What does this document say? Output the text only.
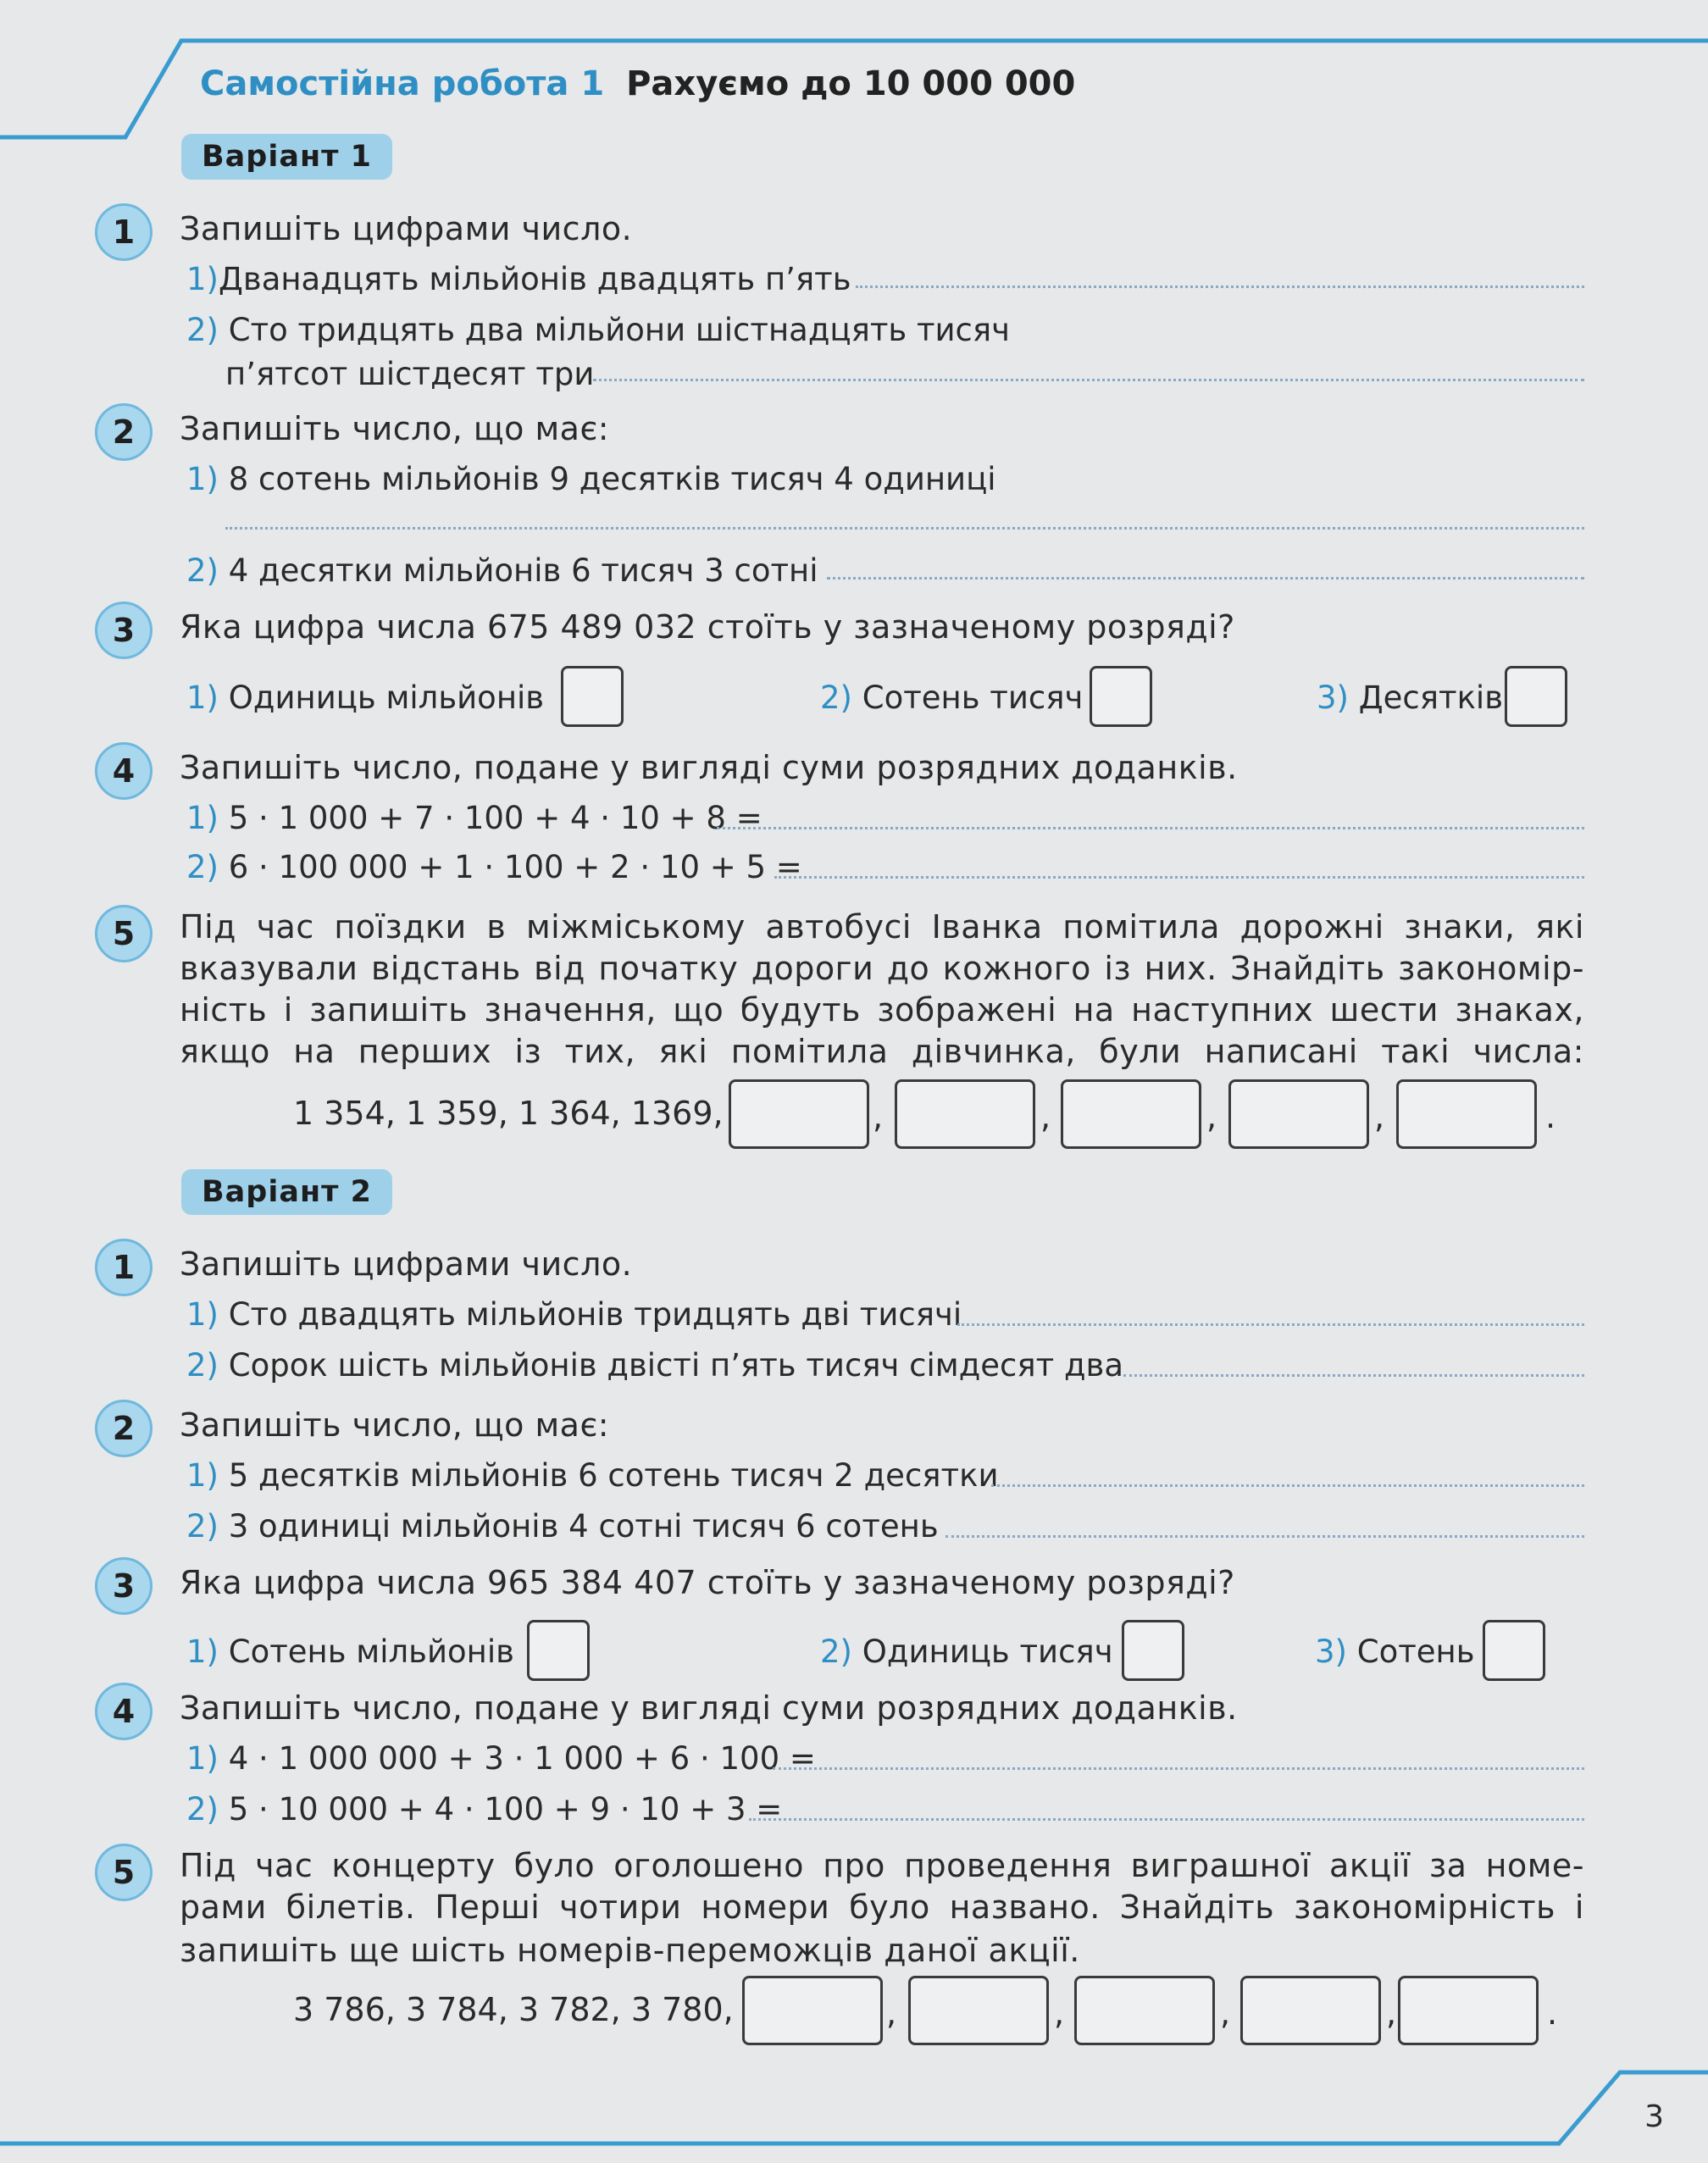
Самостійна робота 1 Рахуємо до 10 000 000
Варіант 1
1	Запишіть цифрами число.
1)Дванадцять мільйонів двадцять п’ять
2) Сто тридцять два мільйони шістнадцять тисяч
п’ятсот шістдесят три
2	Запишіть число, що має:
1) 8 сотень мільйонів 9 десятків тисяч 4 одиниці
2) 4 десятки мільйонів 6 тисяч 3 сотні
3	Яка цифра числа 675 489 032 стоїть у зазначеному розряді?
1) Одиниць мільйонів	2) Сотень тисяч	3) Десятків
4	Запишіть число, подане у вигляді суми розрядних доданків.
1) 5 · 1 000 + 7 · 100 + 4 · 10 + 8 =
2) 6 · 100 000 + 1 · 100 + 2 · 10 + 5 =
5	Під час поїздки в міжміському автобусі Іванка помітила дорожні знаки, які
вказували відстань від початку дороги до кожного із них. Знайдіть закономір-
ність і запишіть значення, що будуть зображені на наступних шести знаках,
якщо на перших із тих, які помітила дівчинка, були написані такі числа:
1 354, 1 359, 1 364, 1369,	,	,	,	,	.
Варіант 2
1	Запишіть цифрами число.
1) Сто двадцять мільйонів тридцять дві тисячі
2) Сорок шість мільйонів двісті п’ять тисяч сімдесят два
2	Запишіть число, що має:
1) 5 десятків мільйонів 6 сотень тисяч 2 десятки
2) 3 одиниці мільйонів 4 сотні тисяч 6 сотень
3	Яка цифра числа 965 384 407 стоїть у зазначеному розряді?
1) Сотень мільйонів	2) Одиниць тисяч	3) Сотень
4	Запишіть число, подане у вигляді суми розрядних доданків.
1) 4 · 1 000 000 + 3 · 1 000 + 6 · 100 =
2) 5 · 10 000 + 4 · 100 + 9 · 10 + 3 =
5	Під час концерту було оголошено про проведення виграшної акції за номе-
рами білетів. Перші чотири номери було названо. Знайдіть закономірність і
запишіть ще шість номерів-переможців даної акції.
3 786, 3 784, 3 782, 3 780,	,	,	,	,	.
3
